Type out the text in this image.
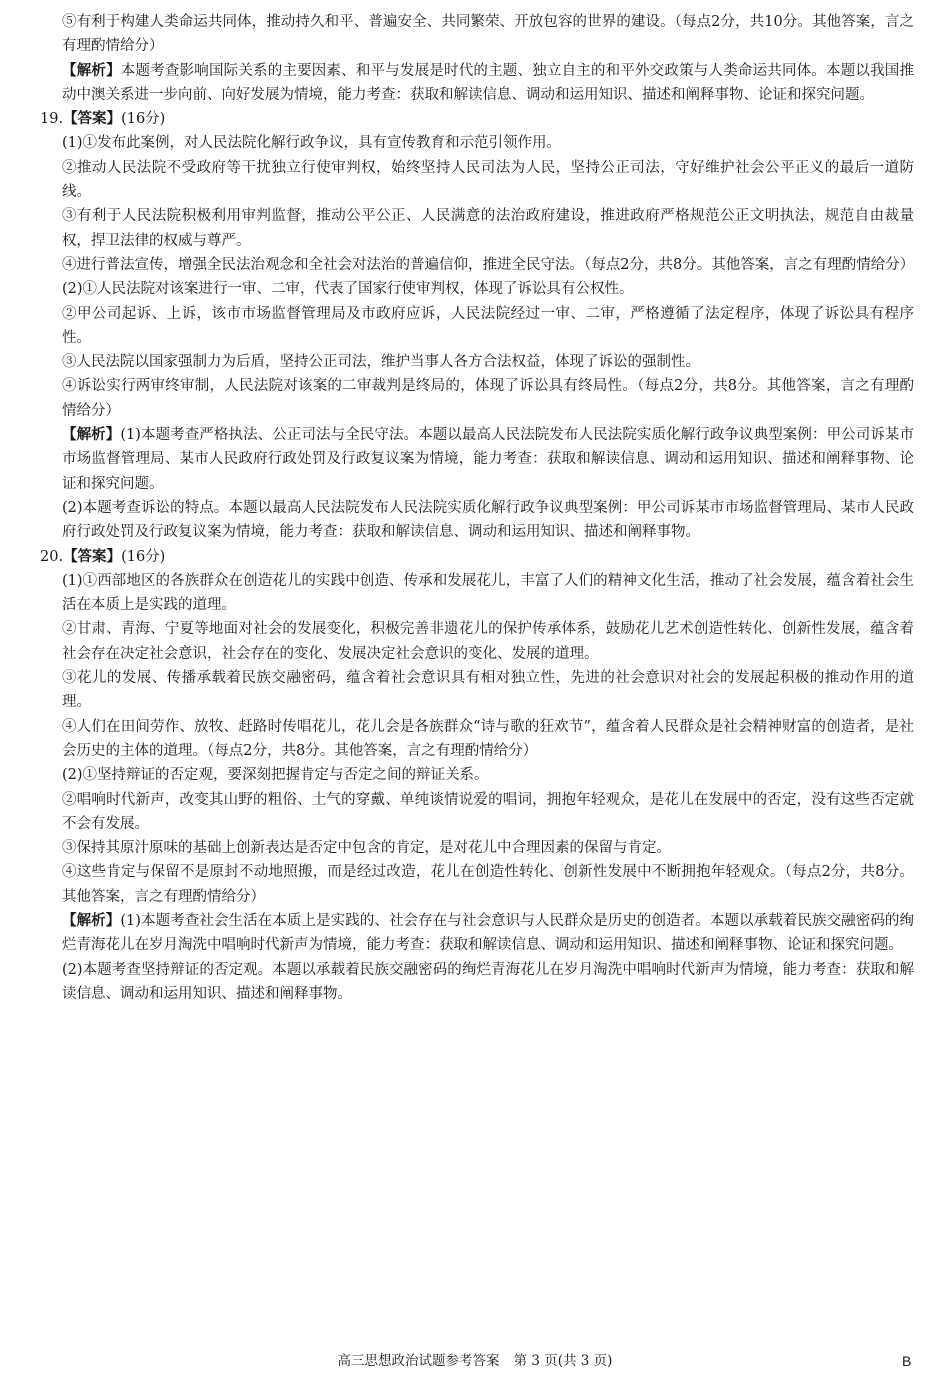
⑤有利于构建人类命运共同体，推动持久和平、普遍安全、共同繁荣、开放包容的世界的建设。（每点2分，共10分。其他答案，言之有理酌情给分）

【解析】本题考查影响国际关系的主要因素、和平与发展是时代的主题、独立自主的和平外交政策与人类命运共同体。本题以我国推动中澳关系进一步向前、向好发展为情境，能力考查：获取和解读信息、调动和运用知识、描述和阐释事物、论证和探究问题。

19.【答案】(16分)

(1)①发布此案例，对人民法院化解行政争议，具有宣传教育和示范引领作用。

②推动人民法院不受政府等干扰独立行使审判权，始终坚持人民司法为人民，坚持公正司法，守好维护社会公平正义的最后一道防线。

③有利于人民法院积极利用审判监督，推动公平公正、人民满意的法治政府建设，推进政府严格规范公正文明执法，规范自由裁量权，捍卫法律的权威与尊严。

④进行普法宣传，增强全民法治观念和全社会对法治的普遍信仰，推进全民守法。（每点2分，共8分。其他答案，言之有理酌情给分）

(2)①人民法院对该案进行一审、二审，代表了国家行使审判权，体现了诉讼具有公权性。

②甲公司起诉、上诉，该市市场监督管理局及市政府应诉，人民法院经过一审、二审，严格遵循了法定程序，体现了诉讼具有程序性。

③人民法院以国家强制力为后盾，坚持公正司法，维护当事人各方合法权益，体现了诉讼的强制性。

④诉讼实行两审终审制，人民法院对该案的二审裁判是终局的，体现了诉讼具有终局性。（每点2分，共8分。其他答案，言之有理酌情给分）

【解析】(1)本题考查严格执法、公正司法与全民守法。本题以最高人民法院发布人民法院实质化解行政争议典型案例：甲公司诉某市市场监督管理局、某市人民政府行政处罚及行政复议案为情境，能力考查：获取和解读信息、调动和运用知识、描述和阐释事物、论证和探究问题。

(2)本题考查诉讼的特点。本题以最高人民法院发布人民法院实质化解行政争议典型案例：甲公司诉某市市场监督管理局、某市人民政府行政处罚及行政复议案为情境，能力考查：获取和解读信息、调动和运用知识、描述和阐释事物。

20.【答案】(16分)

(1)①西部地区的各族群众在创造花儿的实践中创造、传承和发展花儿，丰富了人们的精神文化生活，推动了社会发展，蕴含着社会生活在本质上是实践的道理。

②甘肃、青海、宁夏等地面对社会的发展变化，积极完善非遗花儿的保护传承体系，鼓励花儿艺术创造性转化、创新性发展，蕴含着社会存在决定社会意识，社会存在的变化、发展决定社会意识的变化、发展的道理。

③花儿的发展、传播承载着民族交融密码，蕴含着社会意识具有相对独立性，先进的社会意识对社会的发展起积极的推动作用的道理。

④人们在田间劳作、放牧、赶路时传唱花儿，花儿会是各族群众“诗与歌的狂欢节”，蕴含着人民群众是社会精神财富的创造者，是社会历史的主体的道理。（每点2分，共8分。其他答案，言之有理酌情给分）

(2)①坚持辩证的否定观，要深刻把握肯定与否定之间的辩证关系。

②唱响时代新声，改变其山野的粗俗、土气的穿戴、单纯谈情说爱的唱词，拥抱年轻观众，是花儿在发展中的否定，没有这些否定就不会有发展。

③保持其原汁原味的基础上创新表达是否定中包含的肯定，是对花儿中合理因素的保留与肯定。

④这些肯定与保留不是原封不动地照搬，而是经过改造，花儿在创造性转化、创新性发展中不断拥抱年轻观众。（每点2分，共8分。其他答案，言之有理酌情给分）

【解析】(1)本题考查社会生活在本质上是实践的、社会存在与社会意识与人民群众是历史的创造者。本题以承载着民族交融密码的绚烂青海花儿在岁月淘洗中唱响时代新声为情境，能力考查：获取和解读信息、调动和运用知识、描述和阐释事物、论证和探究问题。

(2)本题考查坚持辩证的否定观。本题以承载着民族交融密码的绚烂青海花儿在岁月淘洗中唱响时代新声为情境，能力考查：获取和解读信息、调动和运用知识、描述和阐释事物。

高三思想政治试题参考答案 第 3 页(共 3 页)	B
